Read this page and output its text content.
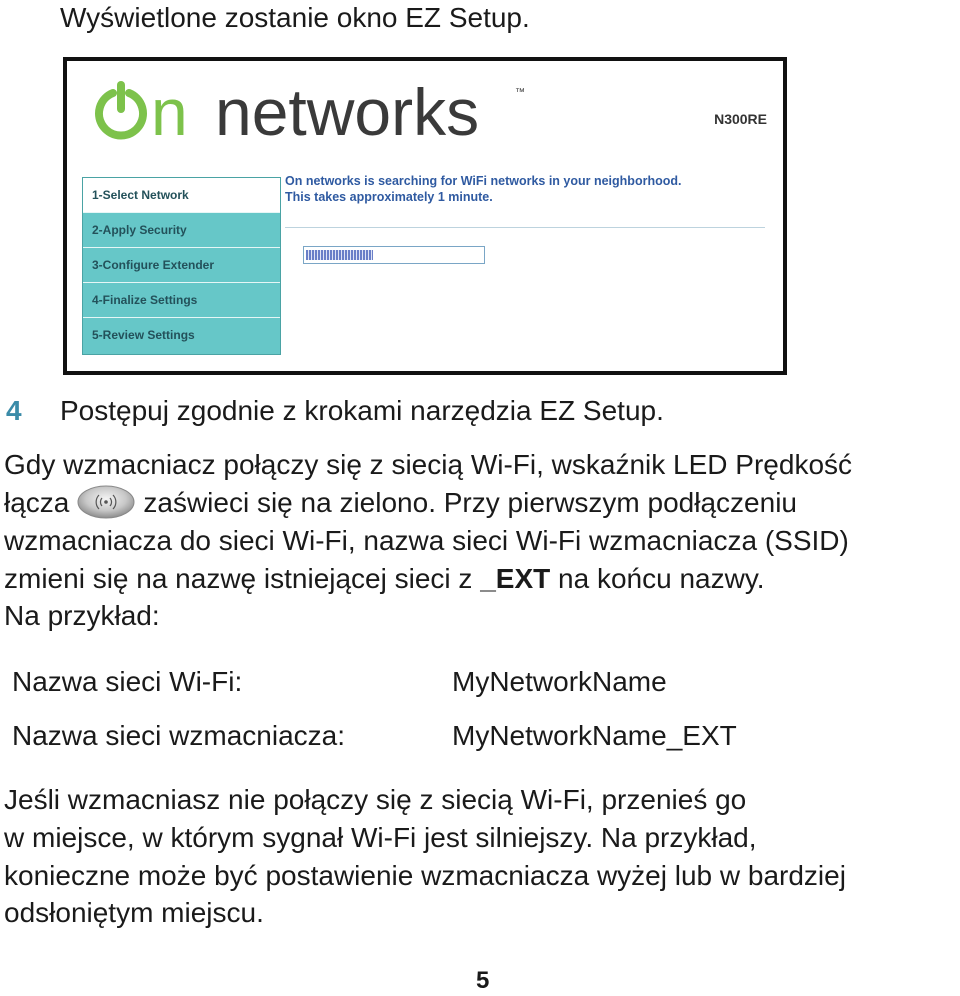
Wyświetlone zostanie okno EZ Setup.
n networks	™
N300RE
1-Select Network
2-Apply Security
3-Configure Extender
4-Finalize Settings
5-Review Settings
On networks is searching for WiFi networks in your neighborhood.
This takes approximately 1 minute.
4 Postępuj zgodnie z krokami narzędzia EZ Setup.
Gdy wzmacniacz połączy się z siecią Wi-Fi, wskaźnik LED Prędkość
łącza	zaświeci się na zielono. Przy pierwszym podłączeniu
wzmacniacza do sieci Wi-Fi, nazwa sieci Wi-Fi wzmacniacza (SSID)
zmieni się na nazwę istniejącej sieci z _EXT na końcu nazwy.
Na przykład:
Nazwa sieci Wi-Fi:	MyNetworkName
Nazwa sieci wzmacniacza:	MyNetworkName_EXT
Jeśli wzmacniasz nie połączy się z siecią Wi-Fi, przenieś go
w miejsce, w którym sygnał Wi-Fi jest silniejszy. Na przykład,
konieczne może być postawienie wzmacniacza wyżej lub w bardziej
odsłoniętym miejscu.
5
